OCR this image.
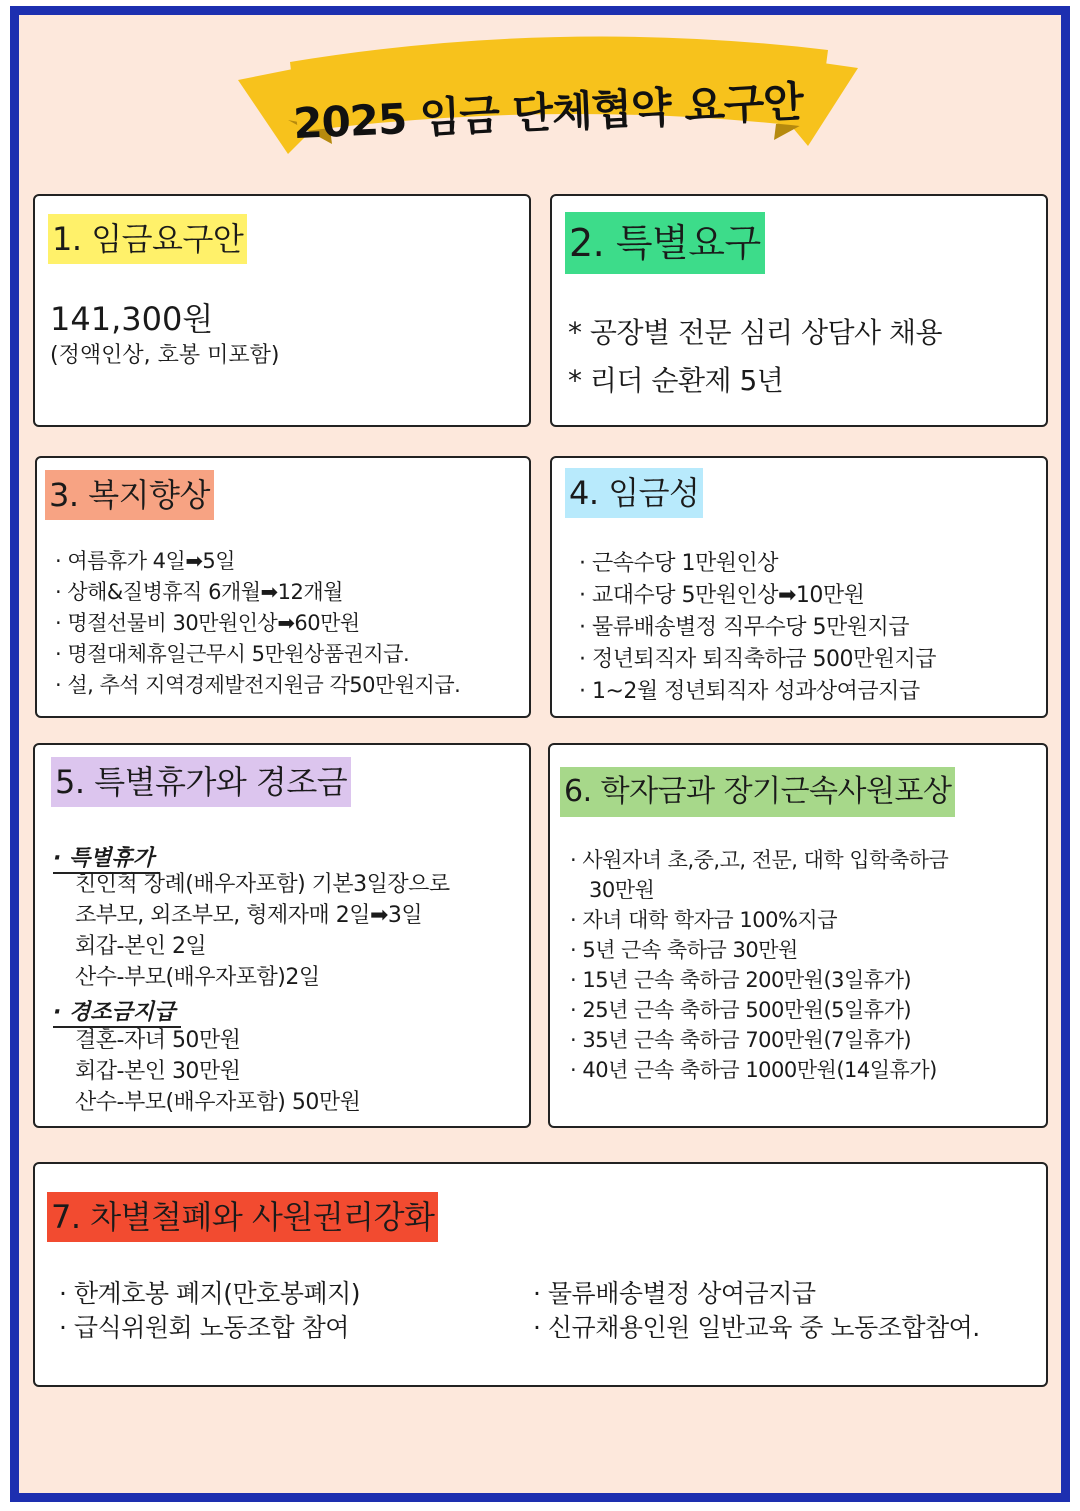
2025 임금 단체협약 요구안
1. 임금요구안
141,300원
(정액인상, 호봉 미포함)
2. 특별요구
* 공장별 전문 심리 상담사 채용
* 리더 순환제 5년
3. 복지향상
· 여름휴가 4일➡5일
· 상해&질병휴직 6개월➡12개월
· 명절선물비 30만원인상➡60만원
· 명절대체휴일근무시 5만원상품권지급.
· 설, 추석 지역경제발전지원금 각50만원지급.
4. 임금성
· 근속수당 1만원인상
· 교대수당 5만원인상➡10만원
· 물류배송별정 직무수당 5만원지급
· 정년퇴직자 퇴직축하금 500만원지급
· 1~2월 정년퇴직자 성과상여금지급
5. 특별휴가와 경조금
· 특별휴가
친인척 장례(배우자포함) 기본3일장으로
조부모, 외조부모, 형제자매 2일➡3일
회갑-본인 2일
산수-부모(배우자포함)2일
· 경조금지급
결혼-자녀 50만원
회갑-본인 30만원
산수-부모(배우자포함) 50만원
6. 학자금과 장기근속사원포상
· 사원자녀 초,중,고, 전문, 대학 입학축하금
30만원
· 자녀 대학 학자금 100%지급
· 5년 근속 축하금 30만원
· 15년 근속 축하금 200만원(3일휴가)
· 25년 근속 축하금 500만원(5일휴가)
· 35년 근속 축하금 700만원(7일휴가)
· 40년 근속 축하금 1000만원(14일휴가)
7. 차별철폐와 사원권리강화
· 한계호봉 폐지(만호봉폐지)
· 급식위원회 노동조합 참여
· 물류배송별정 상여금지급
· 신규채용인원 일반교육 중 노동조합참여.
